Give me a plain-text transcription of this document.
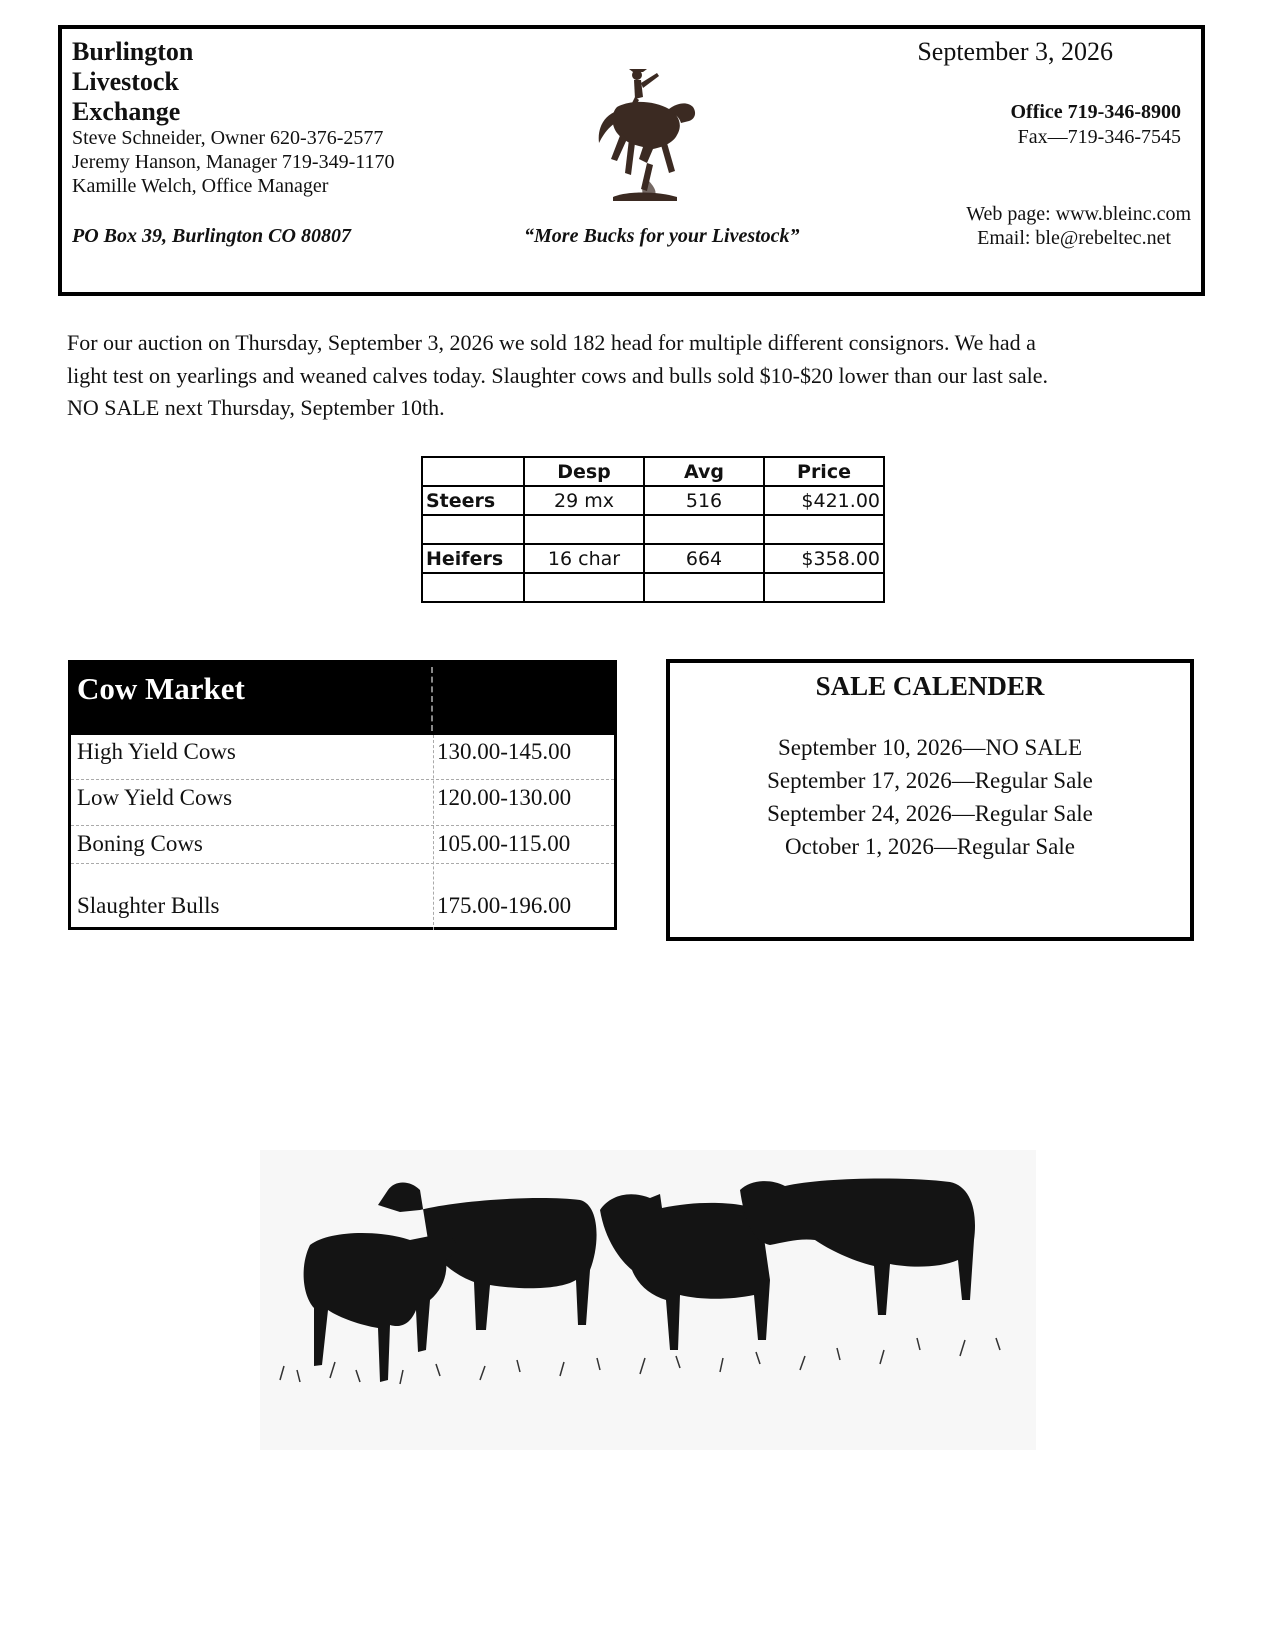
Burlington
Livestock
Exchange
Steve Schneider, Owner 620-376-2577
Jeremy Hanson, Manager 719-349-1170
Kamille Welch, Office Manager
PO Box 39, Burlington CO 80807	“More Bucks for your Livestock”
September 3, 2026
Office 719-346-8900
Fax—719-346-7545
Web page: www.bleinc.com
Email: ble@rebeltec.net
For our auction on Thursday, September 3, 2026 we sold 182 head for multiple different consignors. We had a
light test on yearlings and weaned calves today. Slaughter cows and bulls sold $10-$20 lower than our last sale.
NO SALE next Thursday, September 10th.
	Desp	Avg	Price
Steers	29 mx	516	$421.00

Heifers	16 char	664	$358.00

Cow Market
High Yield Cows	130.00-145.00
Low Yield Cows	120.00-130.00
Boning Cows	105.00-115.00
Slaughter Bulls	175.00-196.00
SALE CALENDER
September 10, 2026—NO SALE
September 17, 2026—Regular Sale
September 24, 2026—Regular Sale
October 1, 2026—Regular Sale
